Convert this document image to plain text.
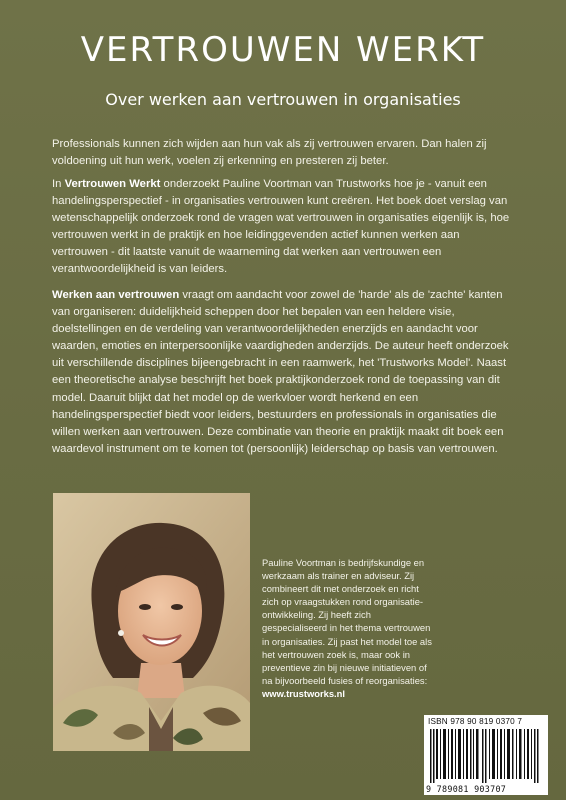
VERTROUWEN WERKT
Over werken aan vertrouwen in organisaties

Professionals kunnen zich wijden aan hun vak als zij vertrouwen ervaren. Dan halen zij voldoening uit hun werk, voelen zij erkenning en presteren zij beter.

In Vertrouwen Werkt onderzoekt Pauline Voortman van Trustworks hoe je - vanuit een handelingsperspectief - in organisaties vertrouwen kunt creëren. Het boek doet verslag van wetenschappelijk onderzoek rond de vragen wat vertrouwen in organisaties eigenlijk is, hoe vertrouwen werkt in de praktijk en hoe leidinggevenden actief kunnen werken aan vertrouwen - dit laatste vanuit de waarneming dat werken aan vertrouwen een verantwoordelijkheid is van leiders.

Werken aan vertrouwen vraagt om aandacht voor zowel de 'harde' als de 'zachte' kanten van organiseren: duidelijkheid scheppen door het bepalen van een heldere visie, doelstellingen en de verdeling van verantwoordelijkheden enerzijds en aandacht voor waarden, emoties en interpersoonlijke vaardigheden anderzijds. De auteur heeft onderzoek uit verschillende disciplines bijeengebracht in een raamwerk, het 'Trustworks Model'. Naast een theoretische analyse beschrijft het boek praktijkonderzoek rond de toepassing van dit model. Daaruit blijkt dat het model op de werkvloer wordt herkend en een handelingsperspectief biedt voor leiders, bestuurders en professionals in organisaties die willen werken aan vertrouwen. Deze combinatie van theorie en praktijk maakt dit boek een waardevol instrument om te komen tot (persoonlijk) leiderschap op basis van vertrouwen.

Pauline Voortman is bedrijfskundige en werkzaam als trainer en adviseur. Zij combineert dit met onderzoek en richt zich op vraagstukken rond organisatie-ontwikkeling. Zij heeft zich gespecialiseerd in het thema vertrouwen in organisaties. Zij past het model toe als het vertrouwen zoek is, maar ook in preventieve zin bij nieuwe initiatieven of na bijvoorbeeld fusies of reorganisaties: www.trustworks.nl

ISBN 978 90 819 0370 7
9 789081 903707
